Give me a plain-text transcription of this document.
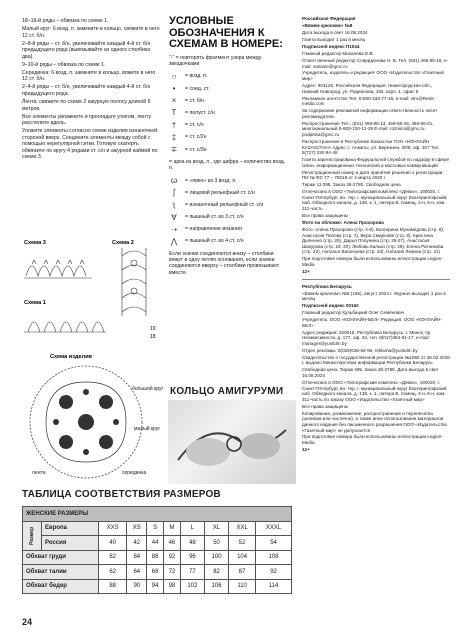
18–19-й ряды – обвязка по схеме 1.

Малый круг: 6 возд. п. замкните в кольцо, свяжите в него 12 ст. б/н.

2–8-й ряды – ст. б/н, увеличивайте каждый 4-й ст. б/н предыдущего ряда (вывязывайте из одного столбика два).

9–10-й ряды – обвязка по схеме 1.

Серединка: 6 возд. п. замкните в кольцо, вяжите в него 12 ст. б/н.

2–4-й ряды – ст. б/н, увеличивайте каждый 4-й ст. б/н предыдущего ряда.

Лента: свяжите по схеме 2 ажурную полосу длиной 6 метров.

Все элементы увлажните и прогладьте утюгом, ленту расстелите вдоль.

Уложите элементы согласно схеме изделия изнаночной стороной вверх. Соедините элементы между собой с помощью нерегулярной сетки. Готовую скатерть обвяжите по кругу 4 рядами ст. с/н и ажурной каймой по схеме 3.

Схема 3	Схема 2
Схема 1
19
18
Схема изделия
большой круг
малый круг
лента	серединка
УСЛОВНЫЕ ОБОЗНАЧЕНИЯ К СХЕМАМ В НОМЕРЕ:
“-” = повторять фрагмент узора между звездочками
○	= возд. п.
•	= соед. ст.
×	= ст. б/н
Τ	= полуст. с/н
†	= ст. с/н
‡	= ст. с/2н
∓	= ст. с/3н
= арка из возд. п., где цифра – количество возд. п.
ω	= «пико» из 3 возд. п.
ʃ	= лицевой рельефный ст. с/н
ʅ	= изнаночный рельефный ст. с/н
∀	= пышный ст. из 3 ст. с/н
➝	= направление вязания
⋀	= пышный ст. из 4 ст. с/н
Если значки соединяются внизу – столбики вяжут в одну петлю основания, если значки соединяются вверху – столбики провязывают вместе.
КОЛЬЦО АМИГУРУМИ
ТАБЛИЦА СООТВЕТСТВИЯ РАЗМЕРОВ
ЖЕНСКИЕ РАЗМЕРЫ									
Размер	Европа	XXS	XS	S	M	L	XL	XXL	XXXL
	Россия	40	42	44	46	48	50	52	54
Обхват груди		82	84	88	92	96	100	104	108
Обхват талии		62	64	68	72	77	82	87	92
Обхват бедер		88	90	94	98	102	106	110	114

Российская Федерация

«Вяжем крючком» №8

Дата выхода в свет 16.08.2024

Газета выходит 1 раз в месяц

Подписной индекс П1044

Главный редактор Михалева Е.В.

Ответственный редактор Спиридонова Н. В. Тел. (831) 465-86-18, e-mail: vazanie@gmc.ru

Учредитель, издатель и редакция: ООО «Издательство «Газетный мир»

Адрес: 603126, Российская Федерация, Нижегородская обл., Нижний Новгород, ул. Родионова, 192, корп. 1, офис 5

Рекламное агентство Тел. 8-800-333-77-16, e-mail: vtm@Retis-media.com

За содержание рекламной информации ответственность несет рекламодатель

Распространение Тел.: (831) 469-86-13, 469-86-46, 469-86-01, многоканальный 8-800-100-12-29 E-mail: rozniica@gmc.ru, podpiska@gmc.ru

Распространение в Республике Казахстан ТОО «КОНЛАЙН КАЗАХСТАН» Адрес: г. Алматы, ул. Березина, 30/8, оф. 107 Тел. 8(727) 330-94-48

Газета зарегистрирована Федеральной службой по надзору в сфере связи, информационных технологий и массовых коммуникаций

Регистрационный номер и дата принятия решения о регистрации: ПИ № ФС 77 – 78018 от 4 марта 2020 г.

Тираж 11 095. Заказ 28-2785. Свободная цена

Отпечатано в ООО «Типографский комплекс «Девиз», 190020, г. Санкт-Петербург, вн. тер. г. муниципальный округ Екатерингофский, наб. Обводного канала, д. 138, к. 1, литера В, помещ. 4-н, 6-н, ком. 311-часть

Все права защищены

Фото на обложке: Алена Прохорова

Фото: Алена Прохорова (стр. 4-6), Екатерина Мухамедова (стр. 6), Анастасия Попова (стр. 7), Вера Смирнова (стр. 8), Кристина Дьяченко (стр. 25), Дарья Полунина (стр. 26-27), Анастасия Шакурова (стр. 19, 20), Любовь Калько (стр. 29), Елена Ратникова (стр. 22), Наталья Васильева (стр. 23), Наталия Левина (стр. 31)

При подготовке номера были использованы иллюстрации Legion-Media

12+

Республика Беларусь

«Вяжем крючком» №8 (165), август 2024 г. Журнал выходит 1 раз в месяц

Подписной индекс 00162

Главный редактор Кульбицкий Олег Семёнович

Учредитель: ООО «КОНЛАЙН-БЕЛ» Редакция: ООО «КОНЛАЙН-БЕЛ»

Адрес редакции: 220015, Республика Беларусь, г. Минск, пр. Независимости, д. 177, оф. 34, тел. 8(017)394-61-17, e-mail: manager@yunildm.by

Отдел рекламы: 8(029)635-52-96, reklama@yunildm.by

Свидетельство о государственной регистрации №1882 от 28.02.2020 г. выдано Министерством информации Республики Беларусь

Свободная цена. Тираж 495. Заказ 28-2785. Дата выхода в свет 16.08.2024

Отпечатано в ООО «Типографский комплекс «Девиз», 190020, г. Санкт-Петербург, вн. тер. г. муниципальный округ Екатерингофский, наб. Обводного канала, д. 138, к. 1, литера В, помещ. 4-н, 6-н, ком. 311-часть по заказу ООО «Издательство «Газетный мир»

Все права защищены

Копирование, размножение, распространение и перепечатка (целиком или частично), а также иное использование материалов данного издания без письменного разрешения ООО «Издательство «Газетный мир» не допускается

При подготовке номера были использованы иллюстрации Legion-Media

12+

24
